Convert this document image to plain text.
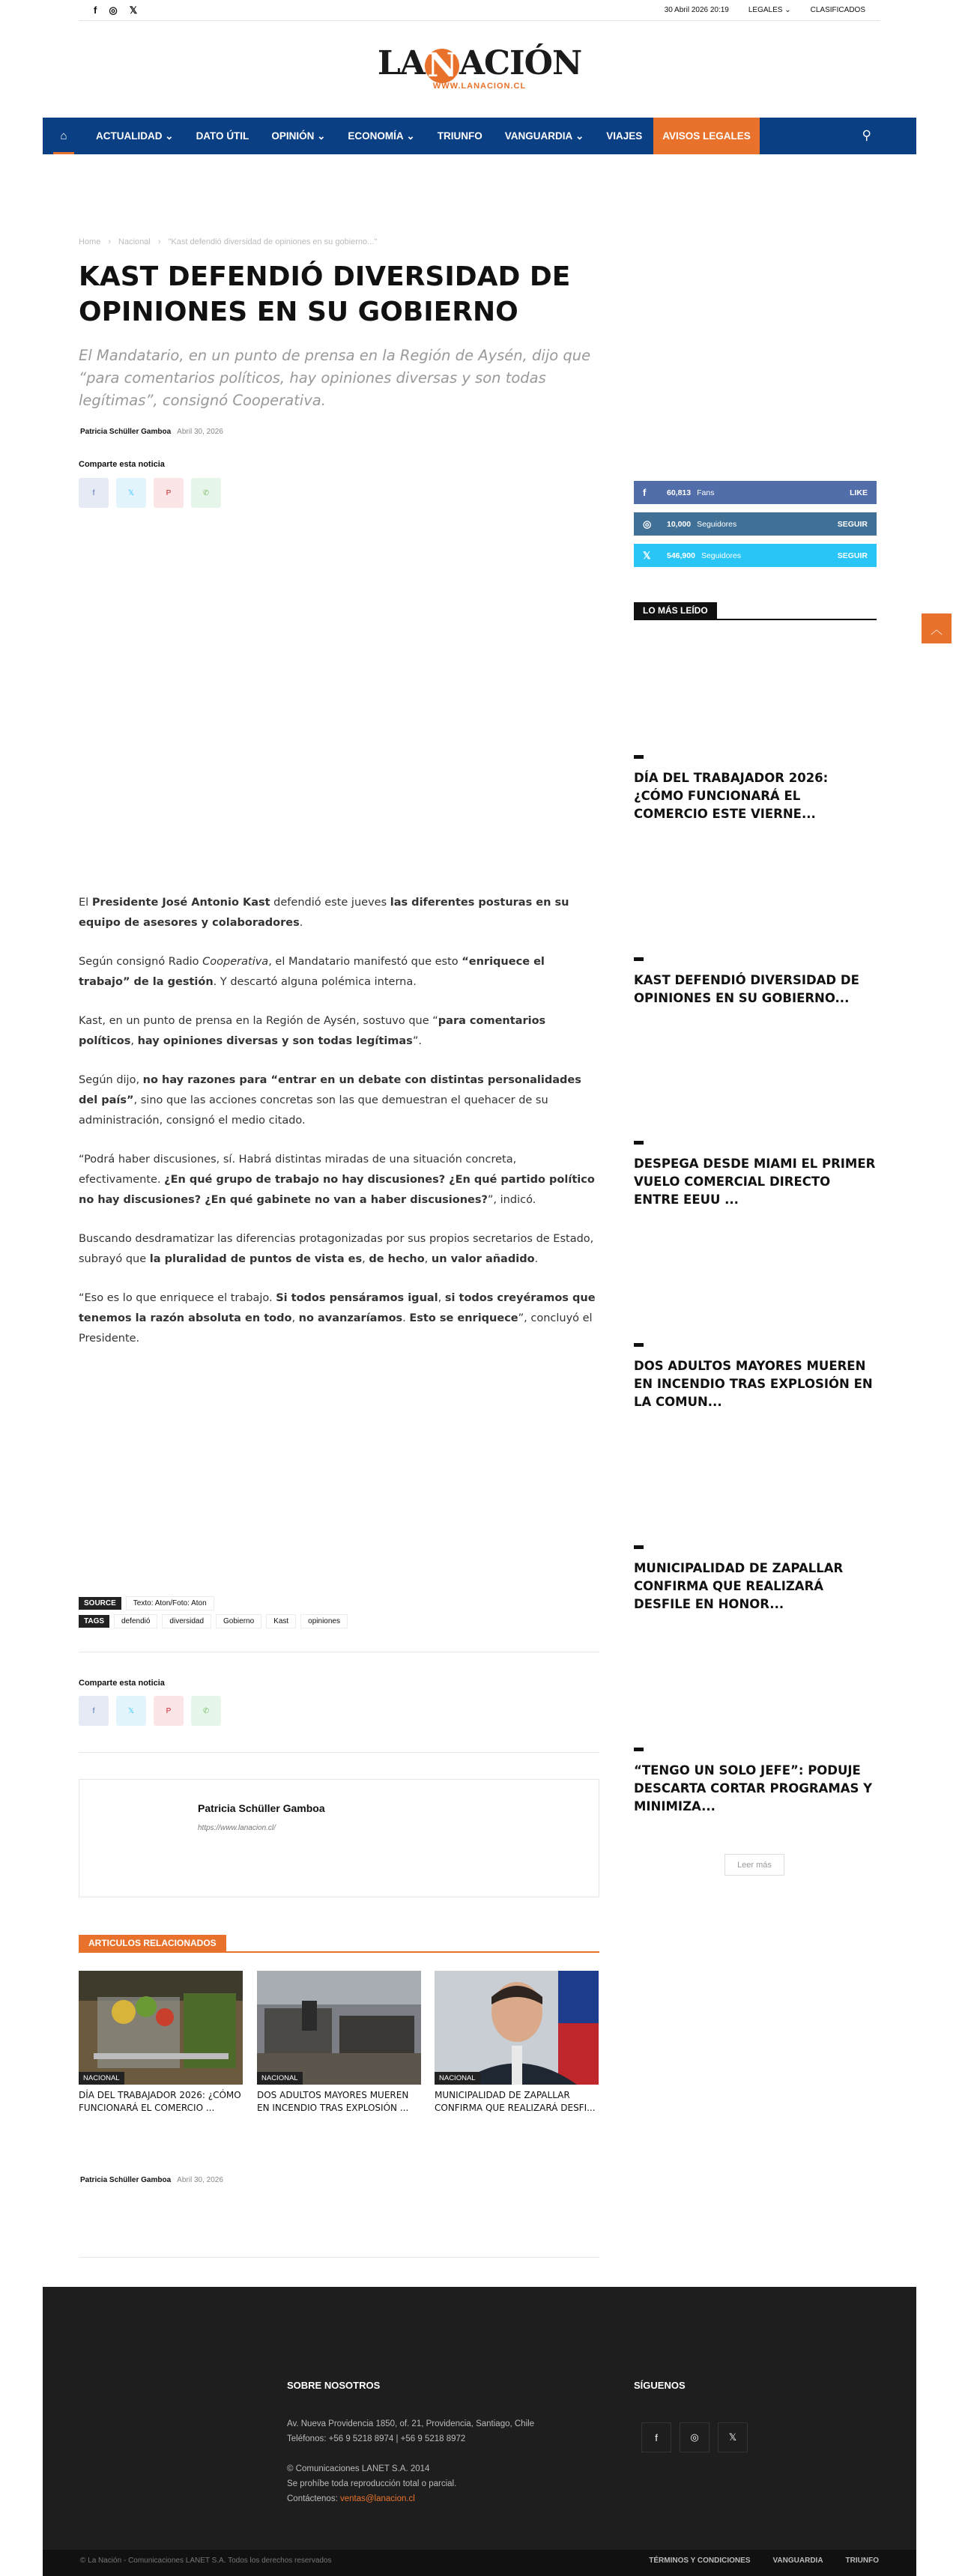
f ◎ 𝕏	30 Abril 2026 20:19	LEGALES ⌄	CLASIFICADOS
LANACIÓN
WWW.LANACION.CL
⌂	ACTUALIDAD ⌄	DATO ÚTIL	OPINIÓN ⌄	ECONOMÍA ⌄	TRIUNFO	VANGUARDIA ⌄	VIAJES	AVISOS LEGALES	⚲
Home › Nacional › "Kast defendió diversidad de opiniones en su gobierno..."
KAST DEFENDIÓ DIVERSIDAD DE OPINIONES EN SU GOBIERNO
El Mandatario, en un punto de prensa en la Región de Aysén, dijo que “para comentarios políticos, hay opiniones diversas y son todas legítimas”, consignó Cooperativa.
Patricia Schüller Gamboa Abril 30, 2026
Comparte esta noticia
f	𝕏	P	✆

El Presidente José Antonio Kast defendió este jueves las diferentes posturas en su equipo de asesores y colaboradores.

Según consignó Radio Cooperativa, el Mandatario manifestó que esto “enriquece el trabajo” de la gestión. Y descartó alguna polémica interna.

Kast, en un punto de prensa en la Región de Aysén, sostuvo que “para comentarios políticos, hay opiniones diversas y son todas legítimas”.

Según dijo, no hay razones para “entrar en un debate con distintas personalidades del país”, sino que las acciones concretas son las que demuestran el quehacer de su administración, consignó el medio citado.

“Podrá haber discusiones, sí. Habrá distintas miradas de una situación concreta, efectivamente. ¿En qué grupo de trabajo no hay discusiones? ¿En qué partido político no hay discusiones? ¿En qué gabinete no van a haber discusiones?”, indicó.

Buscando desdramatizar las diferencias protagonizadas por sus propios secretarios de Estado, subrayó que la pluralidad de puntos de vista es, de hecho, un valor añadido.

“Eso es lo que enriquece el trabajo. Si todos pensáramos igual, si todos creyéramos que tenemos la razón absoluta en todo, no avanzaríamos. Esto se enriquece”, concluyó el Presidente.

SOURCE	Texto: Aton/Foto: Aton
TAGS	defendió	diversidad	Gobierno	Kast	opiniones
Comparte esta noticia
f	𝕏	P	✆
Patricia Schüller Gamboa
https://www.lanacion.cl/
ARTICULOS RELACIONADOS
NACIONAL
DÍA DEL TRABAJADOR 2026: ¿CÓMO FUNCIONARÁ EL COMERCIO ...
NACIONAL
DOS ADULTOS MAYORES MUEREN EN INCENDIO TRAS EXPLOSIÓN ...
NACIONAL
MUNICIPALIDAD DE ZAPALLAR CONFIRMA QUE REALIZARÁ DESFI...
Patricia Schüller Gamboa Abril 30, 2026
f	60,813 Fans	LIKE
◎	10,000 Seguidores	SEGUIR
𝕏	546,900 Seguidores	SEGUIR
LO MÁS LEÍDO
DÍA DEL TRABAJADOR 2026: ¿CÓMO FUNCIONARÁ EL COMERCIO ESTE VIERNE...
KAST DEFENDIÓ DIVERSIDAD DE OPINIONES EN SU GOBIERNO...
DESPEGA DESDE MIAMI EL PRIMER VUELO COMERCIAL DIRECTO ENTRE EEUU ...
DOS ADULTOS MAYORES MUEREN EN INCENDIO TRAS EXPLOSIÓN EN LA COMUN...
MUNICIPALIDAD DE ZAPALLAR CONFIRMA QUE REALIZARÁ DESFILE EN HONOR...
“TENGO UN SOLO JEFE”: PODUJE DESCARTA CORTAR PROGRAMAS Y MINIMIZA...
Leer más
︿
SOBRE NOSOTROS
Av. Nueva Providencia 1850, of. 21, Providencia, Santiago, Chile
Teléfonos: +56 9 5218 8974 | +56 9 5218 8972
© Comunicaciones LANET S.A. 2014
Se prohíbe toda reproducción total o parcial.
Contáctenos: ventas@lanacion.cl
SÍGUENOS
f	◎	𝕏
© La Nación - Comunicaciones LANET S.A. Todos los derechos reservados	TÉRMINOS Y CONDICIONES	VANGUARDIA	TRIUNFO
